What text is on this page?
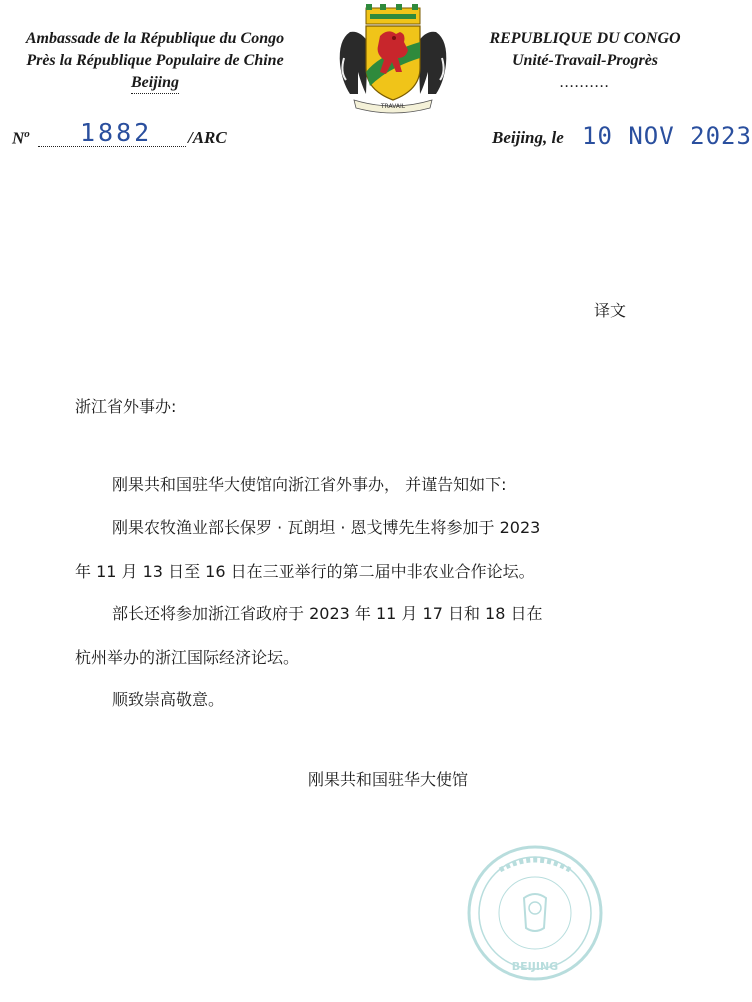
Ambassade de la République du Congo
Près la République Populaire de Chine
Beijing
TRAVAIL
REPUBLIQUE DU CONGO
Unité-Travail-Progrès
..........
$N^o$ 1882 /ARC	Beijing, le 10 NOV 2023
译文
浙江省外事办:
刚果共和国驻华大使馆向浙江省外事办， 并谨告知如下:
刚果农牧渔业部长保罗 · 瓦朗坦 · 恩戈博先生将参加于 2023
年 11 月 13 日至 16 日在三亚举行的第二届中非农业合作论坛。
部长还将参加浙江省政府于 2023 年 11 月 17 日和 18 日在
杭州举办的浙江国际经济论坛。
顺致崇高敬意。
刚果共和国驻华大使馆
BEIJING
